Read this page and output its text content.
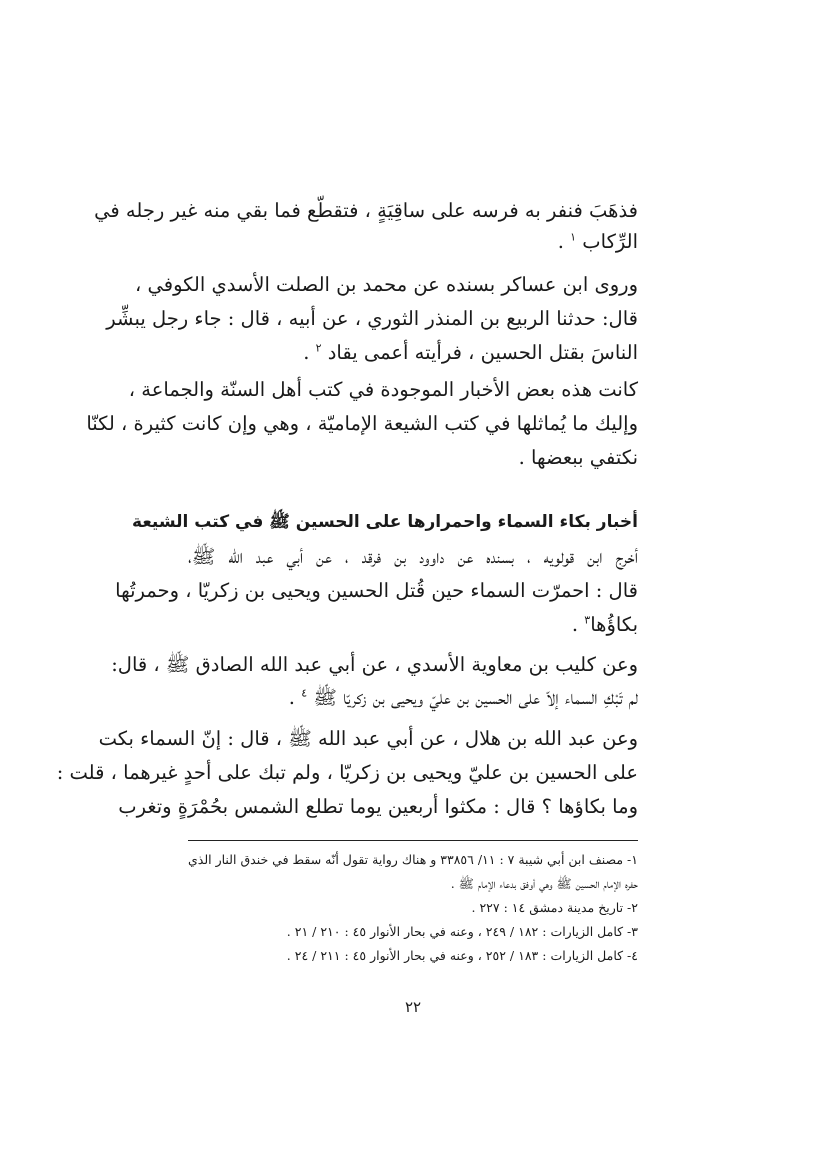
فذهَبَ فنفر به فرسه على ساقِيَةٍ ، فتقطّع فما بقي منه غير رجله في
الرِّكاب $^١$ .
وروى ابن عساكر بسنده عن محمد بن الصلت الأسدي الكوفي ،
قال: حدثنا الربيع بن المنذر الثوري ، عن أبيه ، قال : جاء رجل يبشِّر
الناسَ بقتل الحسين ، فرأيته أعمى يقاد $^٢$ .
كانت هذه بعض الأخبار الموجودة في كتب أهل السنّة والجماعة ،
وإليك ما يُماثلها في كتب الشيعة الإماميّة ، وهي وإن كانت كثيرة ، لكنّا
نكتفي ببعضها .
أخبار بكاء السماء واحمرارها على الحسين ﷺ في كتب الشيعة
أخرج ابن قولويه ، بسنده عن داوود بن فرقد ، عن أبي عبد الله ﷺ،
قال : احمرّت السماء حين قُتل الحسين ويحيى بن زكريّا ، وحمرتُها
بكاؤُها$^٣$ .
وعن كليب بن معاوية الأسدي ، عن أبي عبد الله الصادق ﷺ ، قال:
لم تَبْكِ السماء إلاّ على الحسين بن عليّ ويحيى بن زكريّا ﷺ $^٤$ .
وعن عبد الله بن هلال ، عن أبي عبد الله ﷺ ، قال : إنّ السماء بكت
على الحسين بن عليّ ويحيى بن زكريّا ، ولم تبك على أحدٍ غيرهما ، قلت :
وما بكاؤها ؟ قال : مكثوا أربعين يوما تطلع الشمس بحُمْرَةٍ وتغرب
١- مصنف ابن أبي شيبة ٧ : ١١/ ٣٣٨٥٦ و هناك رواية تقول أنّه سقط في خندق النار الذي
حفره الإمام الحسين ﷺ وهي أوفق بدعاء الإمام ﷺ .
٢- تاريخ مدينة دمشق ١٤ : ٢٢٧ .
٣- كامل الزيارات : ١٨٢ / ٢٤٩ ، وعنه في بحار الأنوار ٤٥ : ٢١٠ / ٢١ .
٤- كامل الزيارات : ١٨٣ / ٢٥٢ ، وعنه في بحار الأنوار ٤٥ : ٢١١ / ٢٤ .
٢٢
